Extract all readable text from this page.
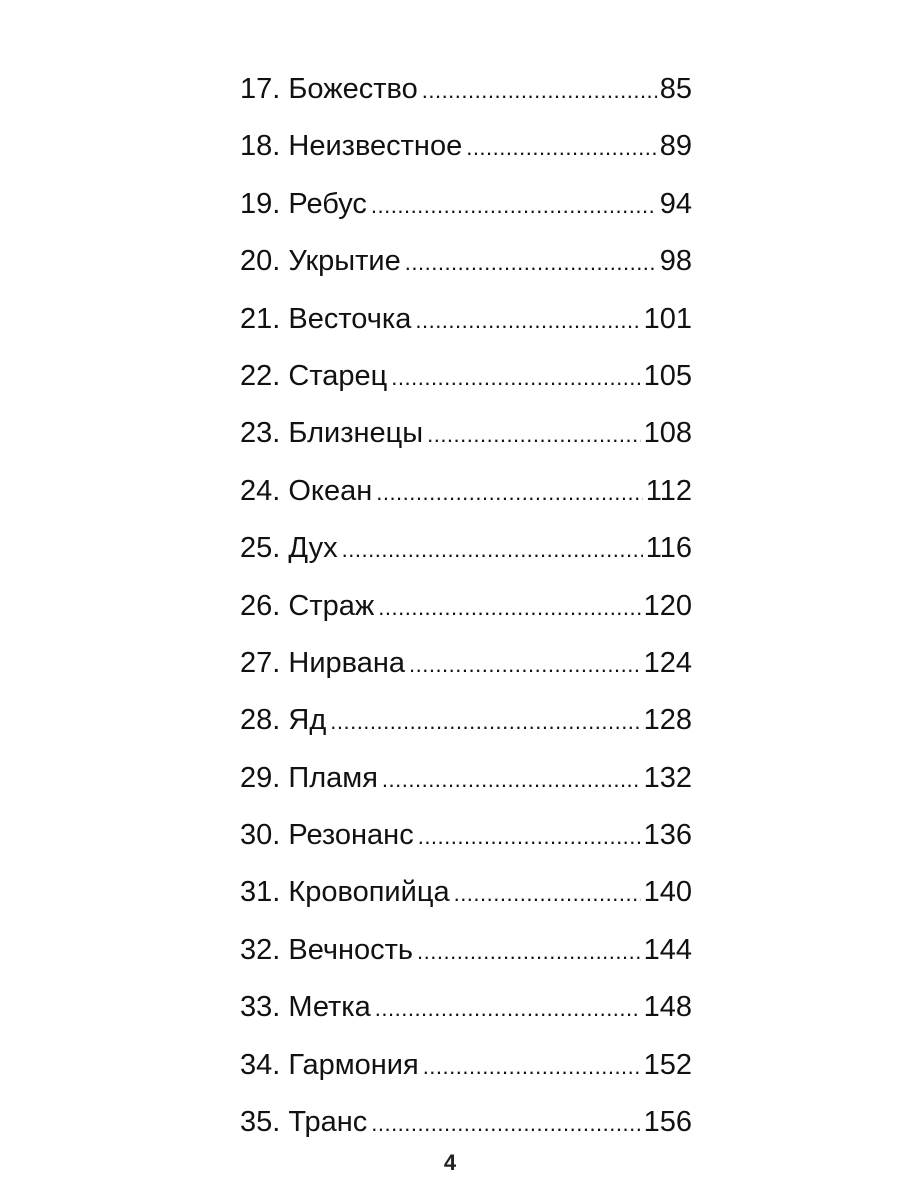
17. Божество .....	85
18. Неизвестное .....	89
19. Ребус .....	94
20. Укрытие .....	98
21. Весточка .....	101
22. Старец .....	105
23. Близнецы .....	108
24. Океан .....	112
25. Дух .....	116
26. Страж .....	120
27. Нирвана .....	124
28. Яд .....	128
29. Пламя .....	132
30. Резонанс .....	136
31. Кровопийца .....	140
32. Вечность .....	144
33. Метка .....	148
34. Гармония .....	152
35. Транс .....	156
4
